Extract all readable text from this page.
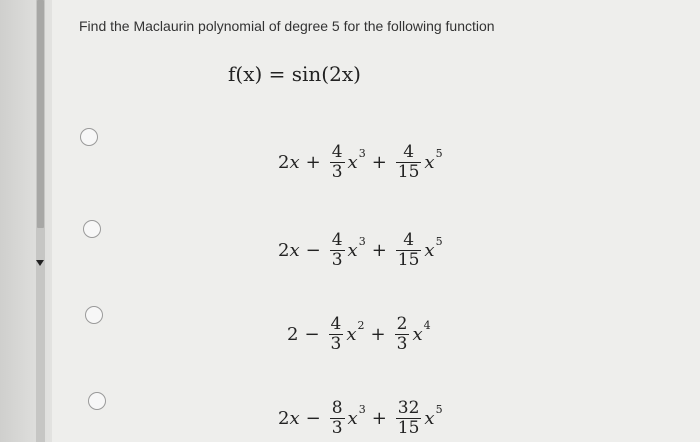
Find the Maclaurin polynomial of degree 5 for the following function
f(x) = sin(2x)
$2x + \frac{4}{3}$ x $3 + \frac{4}{15}$ x 5
$2x - \frac{4}{3}$ x $3 + \frac{4}{15}$ x 5
$2 - \frac{4}{3}$ x $2 + \frac{2}{3}$ x 4
$2x - \frac{8}{3}$ x $3 + \frac{32}{15}$ x 5
